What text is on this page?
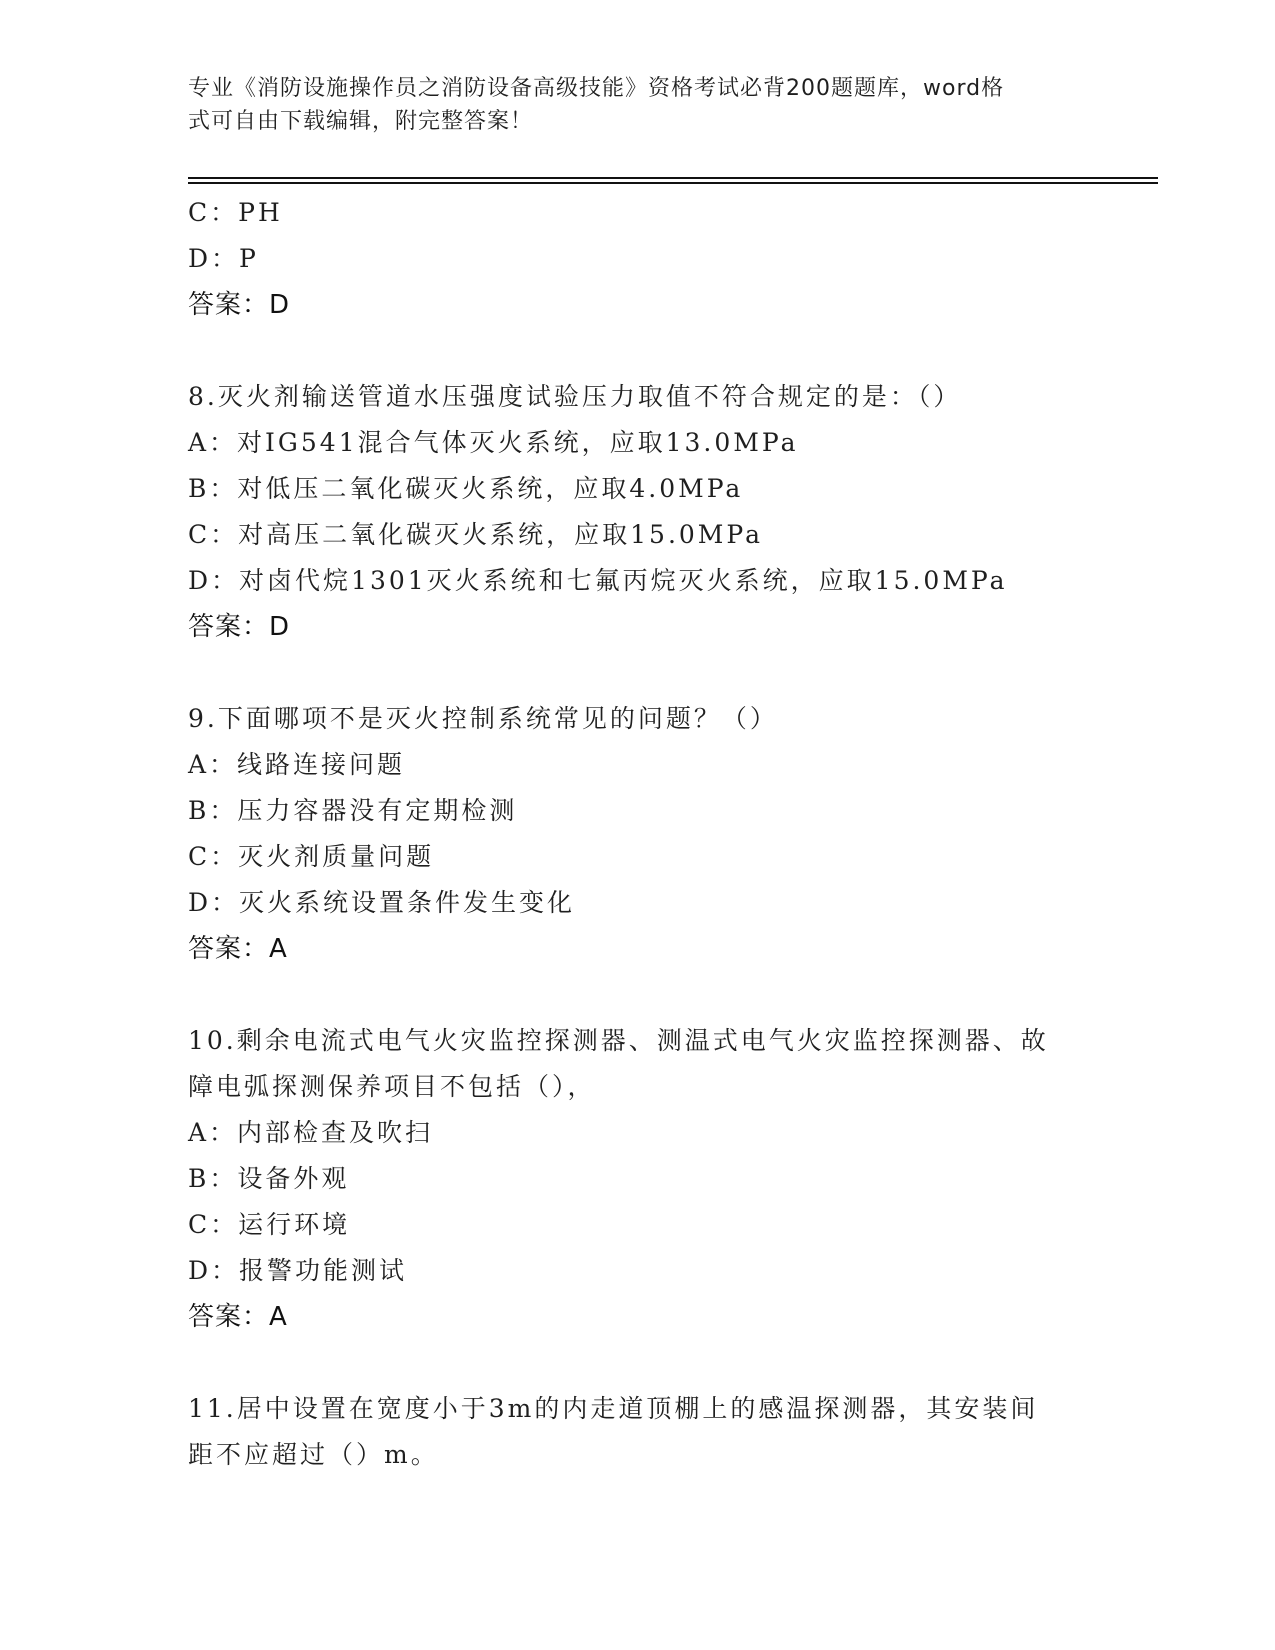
专业《消防设施操作员之消防设备高级技能》资格考试必背200题题库，word格
式可自由下载编辑，附完整答案！
C：PH
D：P
答案：D
8.灭火剂输送管道水压强度试验压力取值不符合规定的是：（）
A：对IG541混合气体灭火系统，应取13.0MPa
B：对低压二氧化碳灭火系统，应取4.0MPa
C：对高压二氧化碳灭火系统，应取15.0MPa
D：对卤代烷1301灭火系统和七氟丙烷灭火系统，应取15.0MPa
答案：D
9.下面哪项不是灭火控制系统常见的问题？（）
A：线路连接问题
B：压力容器没有定期检测
C：灭火剂质量问题
D：灭火系统设置条件发生变化
答案：A
10.剩余电流式电气火灾监控探测器、测温式电气火灾监控探测器、故
障电弧探测保养项目不包括（），
A：内部检查及吹扫
B：设备外观
C：运行环境
D：报警功能测试
答案：A
11.居中设置在宽度小于3m的内走道顶棚上的感温探测器，其安装间
距不应超过（）m。
